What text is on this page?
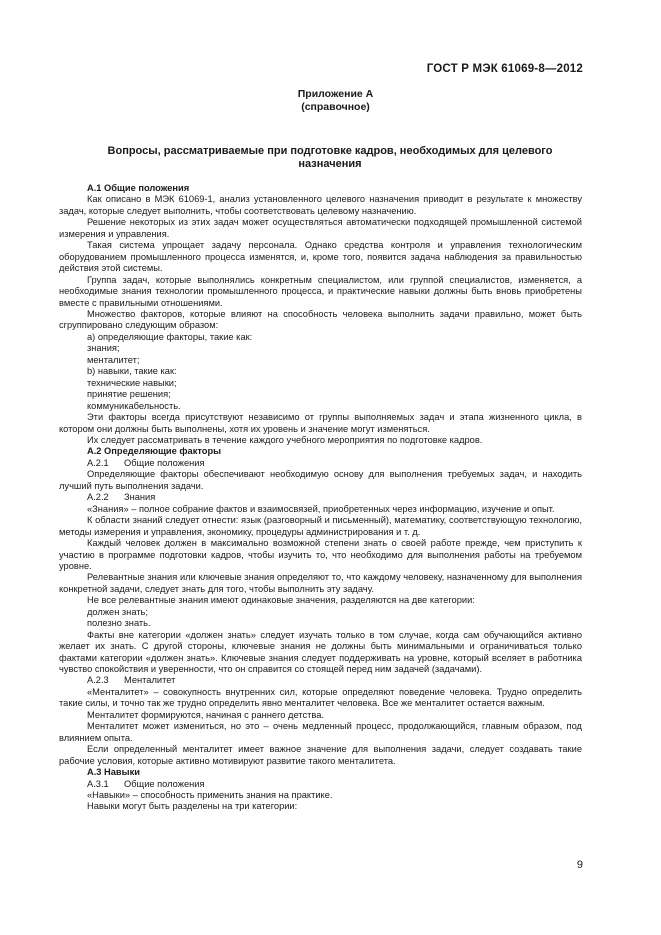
ГОСТ Р МЭК 61069-8—2012
Приложение А
(справочное)
Вопросы, рассматриваемые при подготовке кадров, необходимых для целевого
назначения

А.1 Общие положения

Как описано в МЭК 61069-1, анализ установленного целевого назначения приводит в результате к множеству задач, которые следует выполнить, чтобы соответствовать целевому назначению.

Решение некоторых из этих задач может осуществляться автоматически подходящей промышленной системой измерения и управления.

Такая система упрощает задачу персонала. Однако средства контроля и управления технологическим оборудованием промышленного процесса изменятся, и, кроме того, появится задача наблюдения за правильностью действия этой системы.

Группа задач, которые выполнялись конкретным специалистом, или группой специалистов, изменяется, а необходимые знания технологии промышленного процесса, и практические навыки должны быть вновь приобретены вместе с правильными отношениями.

Множество факторов, которые влияют на способность человека выполнить задачи правильно, может быть сгруппировано следующим образом:

а) определяющие факторы, такие как:

знания;

менталитет;

b) навыки, такие как:

технические навыки;

принятие решения;

коммуникабельность.

Эти факторы всегда присутствуют независимо от группы выполняемых задач и этапа жизненного цикла, в котором они должны быть выполнены, хотя их уровень и значение могут изменяться.

Их следует рассматривать в течение каждого учебного мероприятия по подготовке кадров.

А.2 Определяющие факторы

А.2.1 Общие положения

Определяющие факторы обеспечивают необходимую основу для выполнения требуемых задач, и находить лучший путь выполнения задачи.

А.2.2 Знания

«Знания» – полное собрание фактов и взаимосвязей, приобретенных через информацию, изучение и опыт.

К области знаний следует отнести: язык (разговорный и письменный), математику, соответствующую технологию, методы измерения и управления, экономику, процедуры администрирования и т. д.

Каждый человек должен в максимально возможной степени знать о своей работе прежде, чем приступить к участию в программе подготовки кадров, чтобы изучить то, что необходимо для выполнения работы на требуемом уровне.

Релевантные знания или ключевые знания определяют то, что каждому человеку, назначенному для выполнения конкретной задачи, следует знать для того, чтобы выполнить эту задачу.

Не все релевантные знания имеют одинаковые значения, разделяются на две категории:

должен знать;

полезно знать.

Факты вне категории «должен знать» следует изучать только в том случае, когда сам обучающийся активно желает их знать. С другой стороны, ключевые знания не должны быть минимальными и ограничиваться только фактами категории «должен знать». Ключевые знания следует поддерживать на уровне, который вселяет в работника чувство спокойствия и уверенности, что он справится со стоящей перед ним задачей (задачами).

А.2.3 Менталитет

«Менталитет» – совокупность внутренних сил, которые определяют поведение человека. Трудно определить такие силы, и точно так же трудно определить явно менталитет человека. Все же менталитет остается важным.

Менталитет формируются, начиная с раннего детства.

Менталитет может измениться, но это – очень медленный процесс, продолжающийся, главным образом, под влиянием опыта.

Если определенный менталитет имеет важное значение для выполнения задачи, следует создавать такие рабочие условия, которые активно мотивируют развитие такого менталитета.

А.3 Навыки

А.3.1 Общие положения

«Навыки» – способность применить знания на практике.

Навыки могут быть разделены на три категории:

9
